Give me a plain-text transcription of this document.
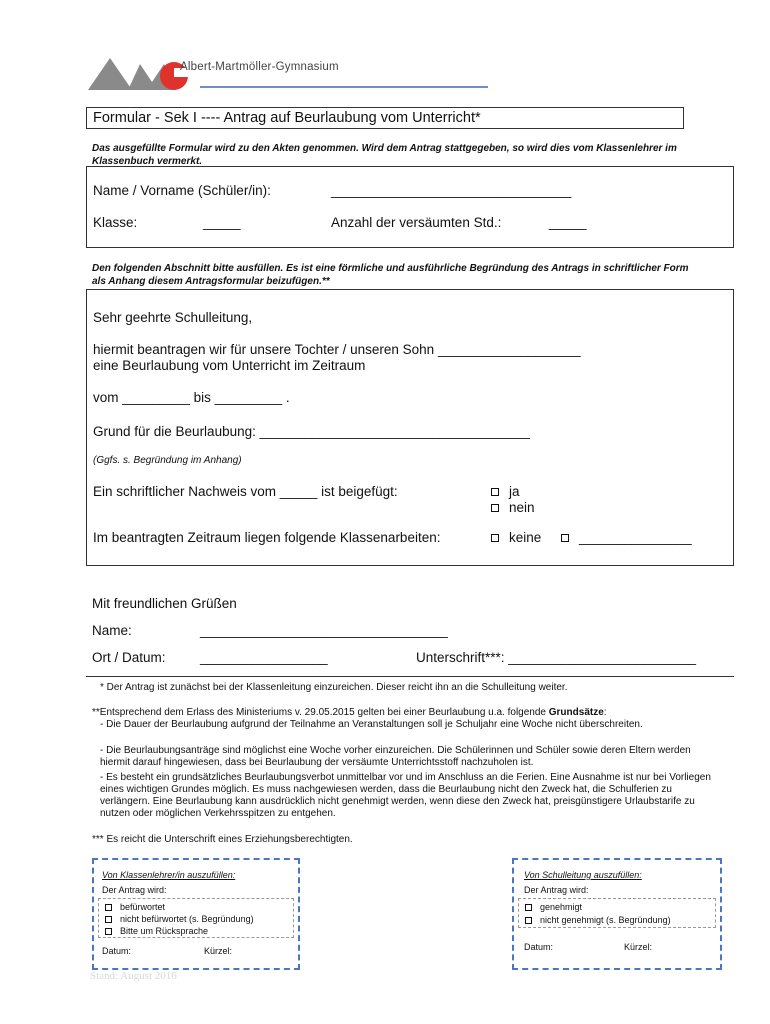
Albert-Martmöller-Gymnasium
Formular - Sek I ---- Antrag auf Beurlaubung vom Unterricht*
Das ausgefüllte Formular wird zu den Akten genommen. Wird dem Antrag stattgegeben, so wird dies vom Klassenlehrer im Klassenbuch vermerkt.
Name / Vorname (Schüler/in):	________________________________
Klasse:	_____	Anzahl der versäumten Std.:	_____
Den folgenden Abschnitt bitte ausfüllen. Es ist eine förmliche und ausführliche Begründung des Antrags in schriftlicher Form als Anhang diesem Antragsformular beizufügen.**
Sehr geehrte Schulleitung,
hiermit beantragen wir für unsere Tochter / unseren Sohn ___________________
eine Beurlaubung vom Unterricht im Zeitraum
vom _________ bis _________ .
Grund für die Beurlaubung: ____________________________________
(Ggfs. s. Begründung im Anhang)
Ein schriftlicher Nachweis vom _____ ist beigefügt:	ja
nein
Im beantragten Zeitraum liegen folgende Klassenarbeiten:	keine	_______________
Mit freundlichen Grüßen
Name:	_________________________________
Ort / Datum:	_________________	Unterschrift***: _________________________
* Der Antrag ist zunächst bei der Klassenleitung einzureichen. Dieser reicht ihn an die Schulleitung weiter.
**Entsprechend dem Erlass des Ministeriums v. 29.05.2015 gelten bei einer Beurlaubung u.a. folgende Grundsätze:
- Die Dauer der Beurlaubung aufgrund der Teilnahme an Veranstaltungen soll je Schuljahr eine Woche nicht überschreiten.
- Die Beurlaubungsanträge sind möglichst eine Woche vorher einzureichen. Die Schülerinnen und Schüler sowie deren Eltern werden hiermit darauf hingewiesen, dass bei Beurlaubung der versäumte Unterrichtsstoff nachzuholen ist.
- Es besteht ein grundsätzliches Beurlaubungsverbot unmittelbar vor und im Anschluss an die Ferien. Eine Ausnahme ist nur bei Vorliegen eines wichtigen Grundes möglich. Es muss nachgewiesen werden, dass die Beurlaubung nicht den Zweck hat, die Schulferien zu verlängern. Eine Beurlaubung kann ausdrücklich nicht genehmigt werden, wenn diese den Zweck hat, preisgünstigere Urlaubstarife zu nutzen oder möglichen Verkehrsspitzen zu entgehen.
*** Es reicht die Unterschrift eines Erziehungsberechtigten.
Von Klassenlehrer/in auszufüllen:
Der Antrag wird:
befürwortet
nicht befürwortet (s. Begründung)
Bitte um Rücksprache
Datum:	Kürzel:
Von Schulleitung auszufüllen:
Der Antrag wird:
genehmigt
nicht genehmigt (s. Begründung)
Datum:	Kürzel:
Stand: August 2016
